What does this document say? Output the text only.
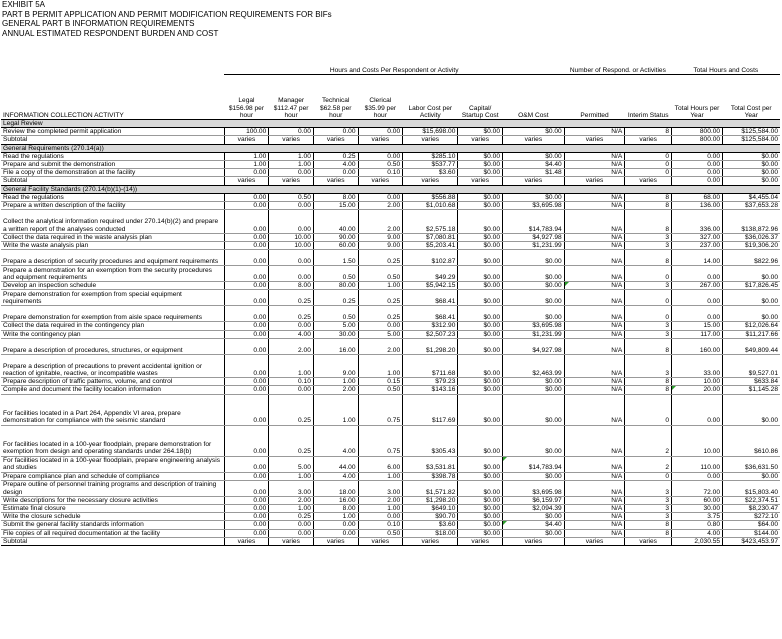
EXHIBIT 5A
PART B PERMIT APPLICATION AND PERMIT MODIFICATION REQUIREMENTS FOR BIFs
GENERAL PART B INFORMATION REQUIREMENTS
ANNUAL ESTIMATED RESPONDENT BURDEN AND COST
	Hours and Costs Per Respondent or Activity							Number of Respond. or Activities		Total Hours and Costs	
INFORMATION COLLECTION ACTIVITY	Legal $156.98 per hour	Manager $112.47 per hour	Technical $62.58 per hour	Clerical $35.99 per hour	Labor Cost per Activity	Capital/ Startup Cost	O&M Cost	Permitted	Interim Status	Total Hours per Year	Total Cost per Year
Legal Review											
Review the completed permit application	100.00	0.00	0.00	0.00	$15,698.00	$0.00	$0.00	N/A	8	800.00	$125,584.00
Subtotal	varies	varies	varies	varies	varies	varies	varies	varies	varies	800.00	$125,584.00
General Requirements (270.14(a))											
Read the regulations	1.00	1.00	0.25	0.00	$285.10	$0.00	$0.00	N/A	0	0.00	$0.00
Prepare and submit the demonstration	1.00	1.00	4.00	0.50	$537.77	$0.00	$4.40	N/A	0	0.00	$0.00
File a copy of the demonstration at the facility	0.00	0.00	0.00	0.10	$3.60	$0.00	$1.48	N/A	0	0.00	$0.00
Subtotal	varies	varies	varies	varies	varies	varies	varies	varies	varies	0.00	$0.00
General Facility Standards (270.14(b)(1)-(14))											
Read the regulations	0.00	0.50	8.00	0.00	$556.88	$0.00	$0.00	N/A	8	68.00	$4,455.04
Prepare a written description of the facility	0.00	0.00	15.00	2.00	$1,010.68	$0.00	$3,695.98	N/A	8	136.00	$37,653.28
Collect the analytical information required under 270.14(b)(2) and prepare a written report of the analyses conducted	0.00	0.00	40.00	2.00	$2,575.18	$0.00	$14,783.94	N/A	8	336.00	$138,872.96
Collect the data required in the waste analysis plan	0.00	10.00	90.00	9.00	$7,080.81	$0.00	$4,927.98	N/A	3	327.00	$36,026.37
Write the waste analysis plan	0.00	10.00	60.00	9.00	$5,203.41	$0.00	$1,231.99	N/A	3	237.00	$19,306.20
Prepare a description of security procedures and equipment requirements	0.00	0.00	1.50	0.25	$102.87	$0.00	$0.00	N/A	8	14.00	$822.96
Prepare a demonstration for an exemption from the security procedures and equipment requirements	0.00	0.00	0.50	0.50	$49.29	$0.00	$0.00	N/A	0	0.00	$0.00
Develop an inspection schedule	0.00	8.00	80.00	1.00	$5,942.15	$0.00	$0.00	N/A	3	267.00	$17,826.45
Prepare demonstration for exemption from special equipment requirements	0.00	0.25	0.25	0.25	$68.41	$0.00	$0.00	N/A	0	0.00	$0.00
Prepare demonstration for exemption from aisle space requirements	0.00	0.25	0.50	0.25	$68.41	$0.00	$0.00	N/A	0	0.00	$0.00
Collect the data required in the contingency plan	0.00	0.00	5.00	0.00	$312.90	$0.00	$3,695.98	N/A	3	15.00	$12,026.64
Write the contingency plan	0.00	4.00	30.00	5.00	$2,507.23	$0.00	$1,231.99	N/A	3	117.00	$11,217.66
Prepare a description of procedures, structures, or equipment	0.00	2.00	16.00	2.00	$1,298.20	$0.00	$4,927.98	N/A	8	160.00	$49,809.44
Prepare a description of precautions to prevent accidental ignition or reaction of ignitable, reactive, or incompatible wastes	0.00	1.00	9.00	1.00	$711.68	$0.00	$2,463.99	N/A	3	33.00	$9,527.01
Prepare description of traffic patterns, volume, and control	0.00	0.10	1.00	0.15	$79.23	$0.00	$0.00	N/A	8	10.00	$633.84
Compile and document the facility location information	0.00	0.00	2.00	0.50	$143.16	$0.00	$0.00	N/A	8	20.00	$1,145.28
For facilities located in a Part 264, Appendix VI area, prepare demonstration for compliance with the seismic standard	0.00	0.25	1.00	0.75	$117.69	$0.00	$0.00	N/A	0	0.00	$0.00
For facilities located in a 100-year floodplain, prepare demonstration for exemption from design and operating standards under 264.18(b)	0.00	0.25	4.00	0.75	$305.43	$0.00	$0.00	N/A	2	10.00	$610.86
For facilities located in a 100-year floodplain, prepare engineering analysis and studies	0.00	5.00	44.00	6.00	$3,531.81	$0.00	$14,783.94	N/A	2	110.00	$36,631.50
Prepare compliance plan and schedule of compliance	0.00	1.00	4.00	1.00	$398.78	$0.00	$0.00	N/A	0	0.00	$0.00
Prepare outline of personnel training programs and description of training design	0.00	3.00	18.00	3.00	$1,571.82	$0.00	$3,695.98	N/A	3	72.00	$15,803.40
Write descriptions for the necessary closure activities	0.00	2.00	16.00	2.00	$1,298.20	$0.00	$6,159.97	N/A	3	60.00	$22,374.51
Estimate final closure	0.00	1.00	8.00	1.00	$649.10	$0.00	$2,094.39	N/A	3	30.00	$8,230.47
Write the closure schedule	0.00	0.25	1.00	0.00	$90.70	$0.00	$0.00	N/A	3	3.75	$272.10
Submit the general facility standards information	0.00	0.00	0.00	0.10	$3.60	$0.00	$4.40	N/A	8	0.80	$64.00
File copies of all required documentation at the facility	0.00	0.00	0.00	0.50	$18.00	$0.00	$0.00	N/A	8	4.00	$144.00
Subtotal	varies	varies	varies	varies	varies	varies	varies	varies	varies	2,030.55	$423,453.97
